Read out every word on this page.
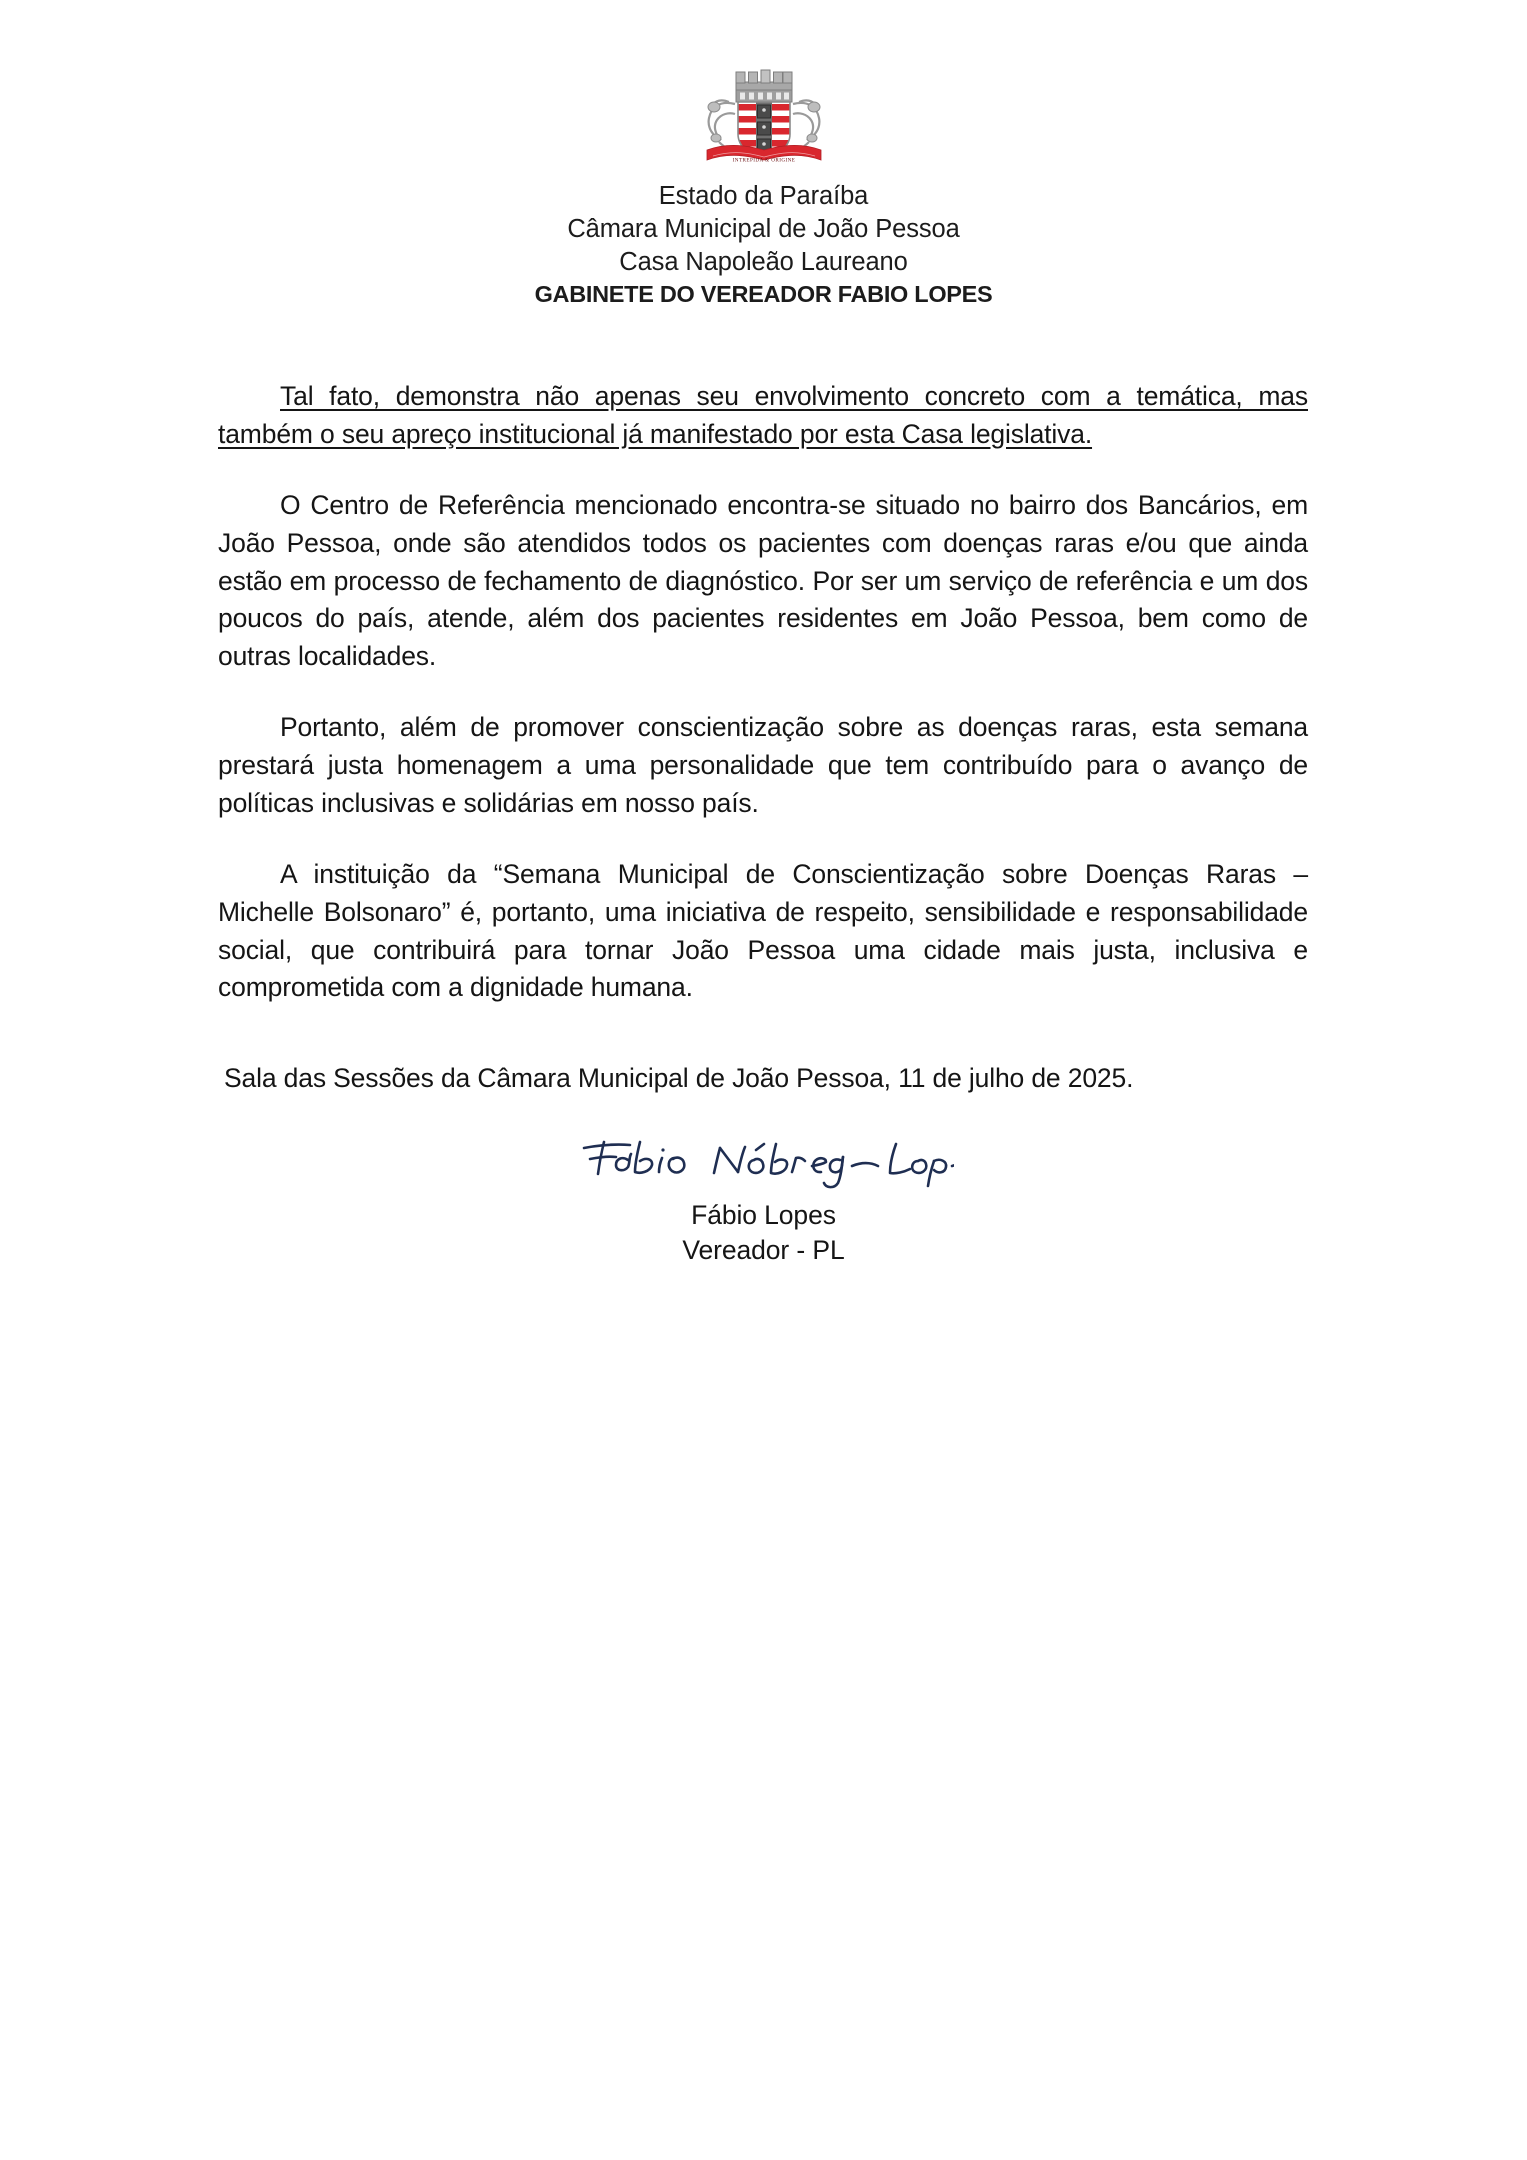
INTREPIDA & ORIGINE
Estado da Paraíba
Câmara Municipal de João Pessoa
Casa Napoleão Laureano
GABINETE DO VEREADOR FABIO LOPES

Tal fato, demonstra não apenas seu envolvimento concreto com a temática, mas também o seu apreço institucional já manifestado por esta Casa legislativa.

O Centro de Referência mencionado encontra-se situado no bairro dos Bancários, em João Pessoa, onde são atendidos todos os pacientes com doenças raras e/ou que ainda estão em processo de fechamento de diagnóstico. Por ser um serviço de referência e um dos poucos do país, atende, além dos pacientes residentes em João Pessoa, bem como de outras localidades.

Portanto, além de promover conscientização sobre as doenças raras, esta semana prestará justa homenagem a uma personalidade que tem contribuído para o avanço de políticas inclusivas e solidárias em nosso país.

A instituição da “Semana Municipal de Conscientização sobre Doenças Raras – Michelle Bolsonaro” é, portanto, uma iniciativa de respeito, sensibilidade e responsabilidade social, que contribuirá para tornar João Pessoa uma cidade mais justa, inclusiva e comprometida com a dignidade humana.

Sala das Sessões da Câmara Municipal de João Pessoa, 11 de julho de 2025.
Fábio Lopes
Vereador - PL
